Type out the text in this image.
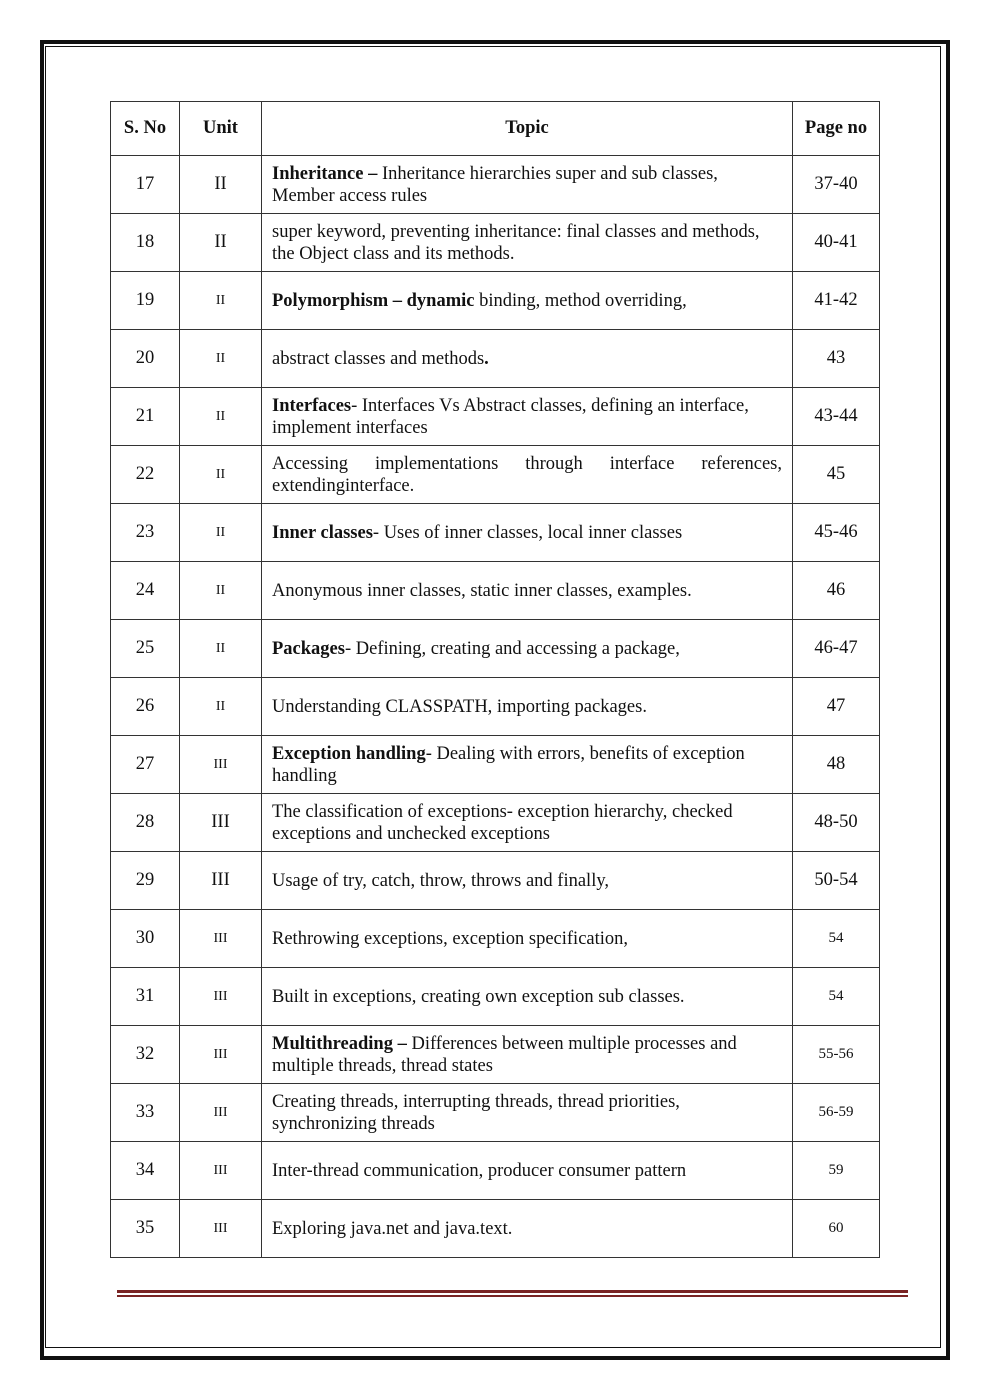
S. No	Unit	Topic	Page no
17	II	Inheritance – Inheritance hierarchies super and sub classes, Member access rules	37-40
18	II	super keyword, preventing inheritance: final classes and methods, the Object class and its methods.	40-41
19	II	Polymorphism – dynamic binding, method overriding,	41-42
20	II	abstract classes and methods.	43
21	II	Interfaces- Interfaces Vs Abstract classes, defining an interface, implement interfaces	43-44
22	II	Accessing implementations through interface references, extendinginterface.	45
23	II	Inner classes- Uses of inner classes, local inner classes	45-46
24	II	Anonymous inner classes, static inner classes, examples.	46
25	II	Packages- Defining, creating and accessing a package,	46-47
26	II	Understanding CLASSPATH, importing packages.	47
27	III	Exception handling- Dealing with errors, benefits of exception handling	48
28	III	The classification of exceptions- exception hierarchy, checked exceptions and unchecked exceptions	48-50
29	III	Usage of try, catch, throw, throws and finally,	50-54
30	III	Rethrowing exceptions, exception specification,	54
31	III	Built in exceptions, creating own exception sub classes.	54
32	III	Multithreading – Differences between multiple processes and multiple threads, thread states	55-56
33	III	Creating threads, interrupting threads, thread priorities, synchronizing threads	56-59
34	III	Inter-thread communication, producer consumer pattern	59
35	III	Exploring java.net and java.text.	60
